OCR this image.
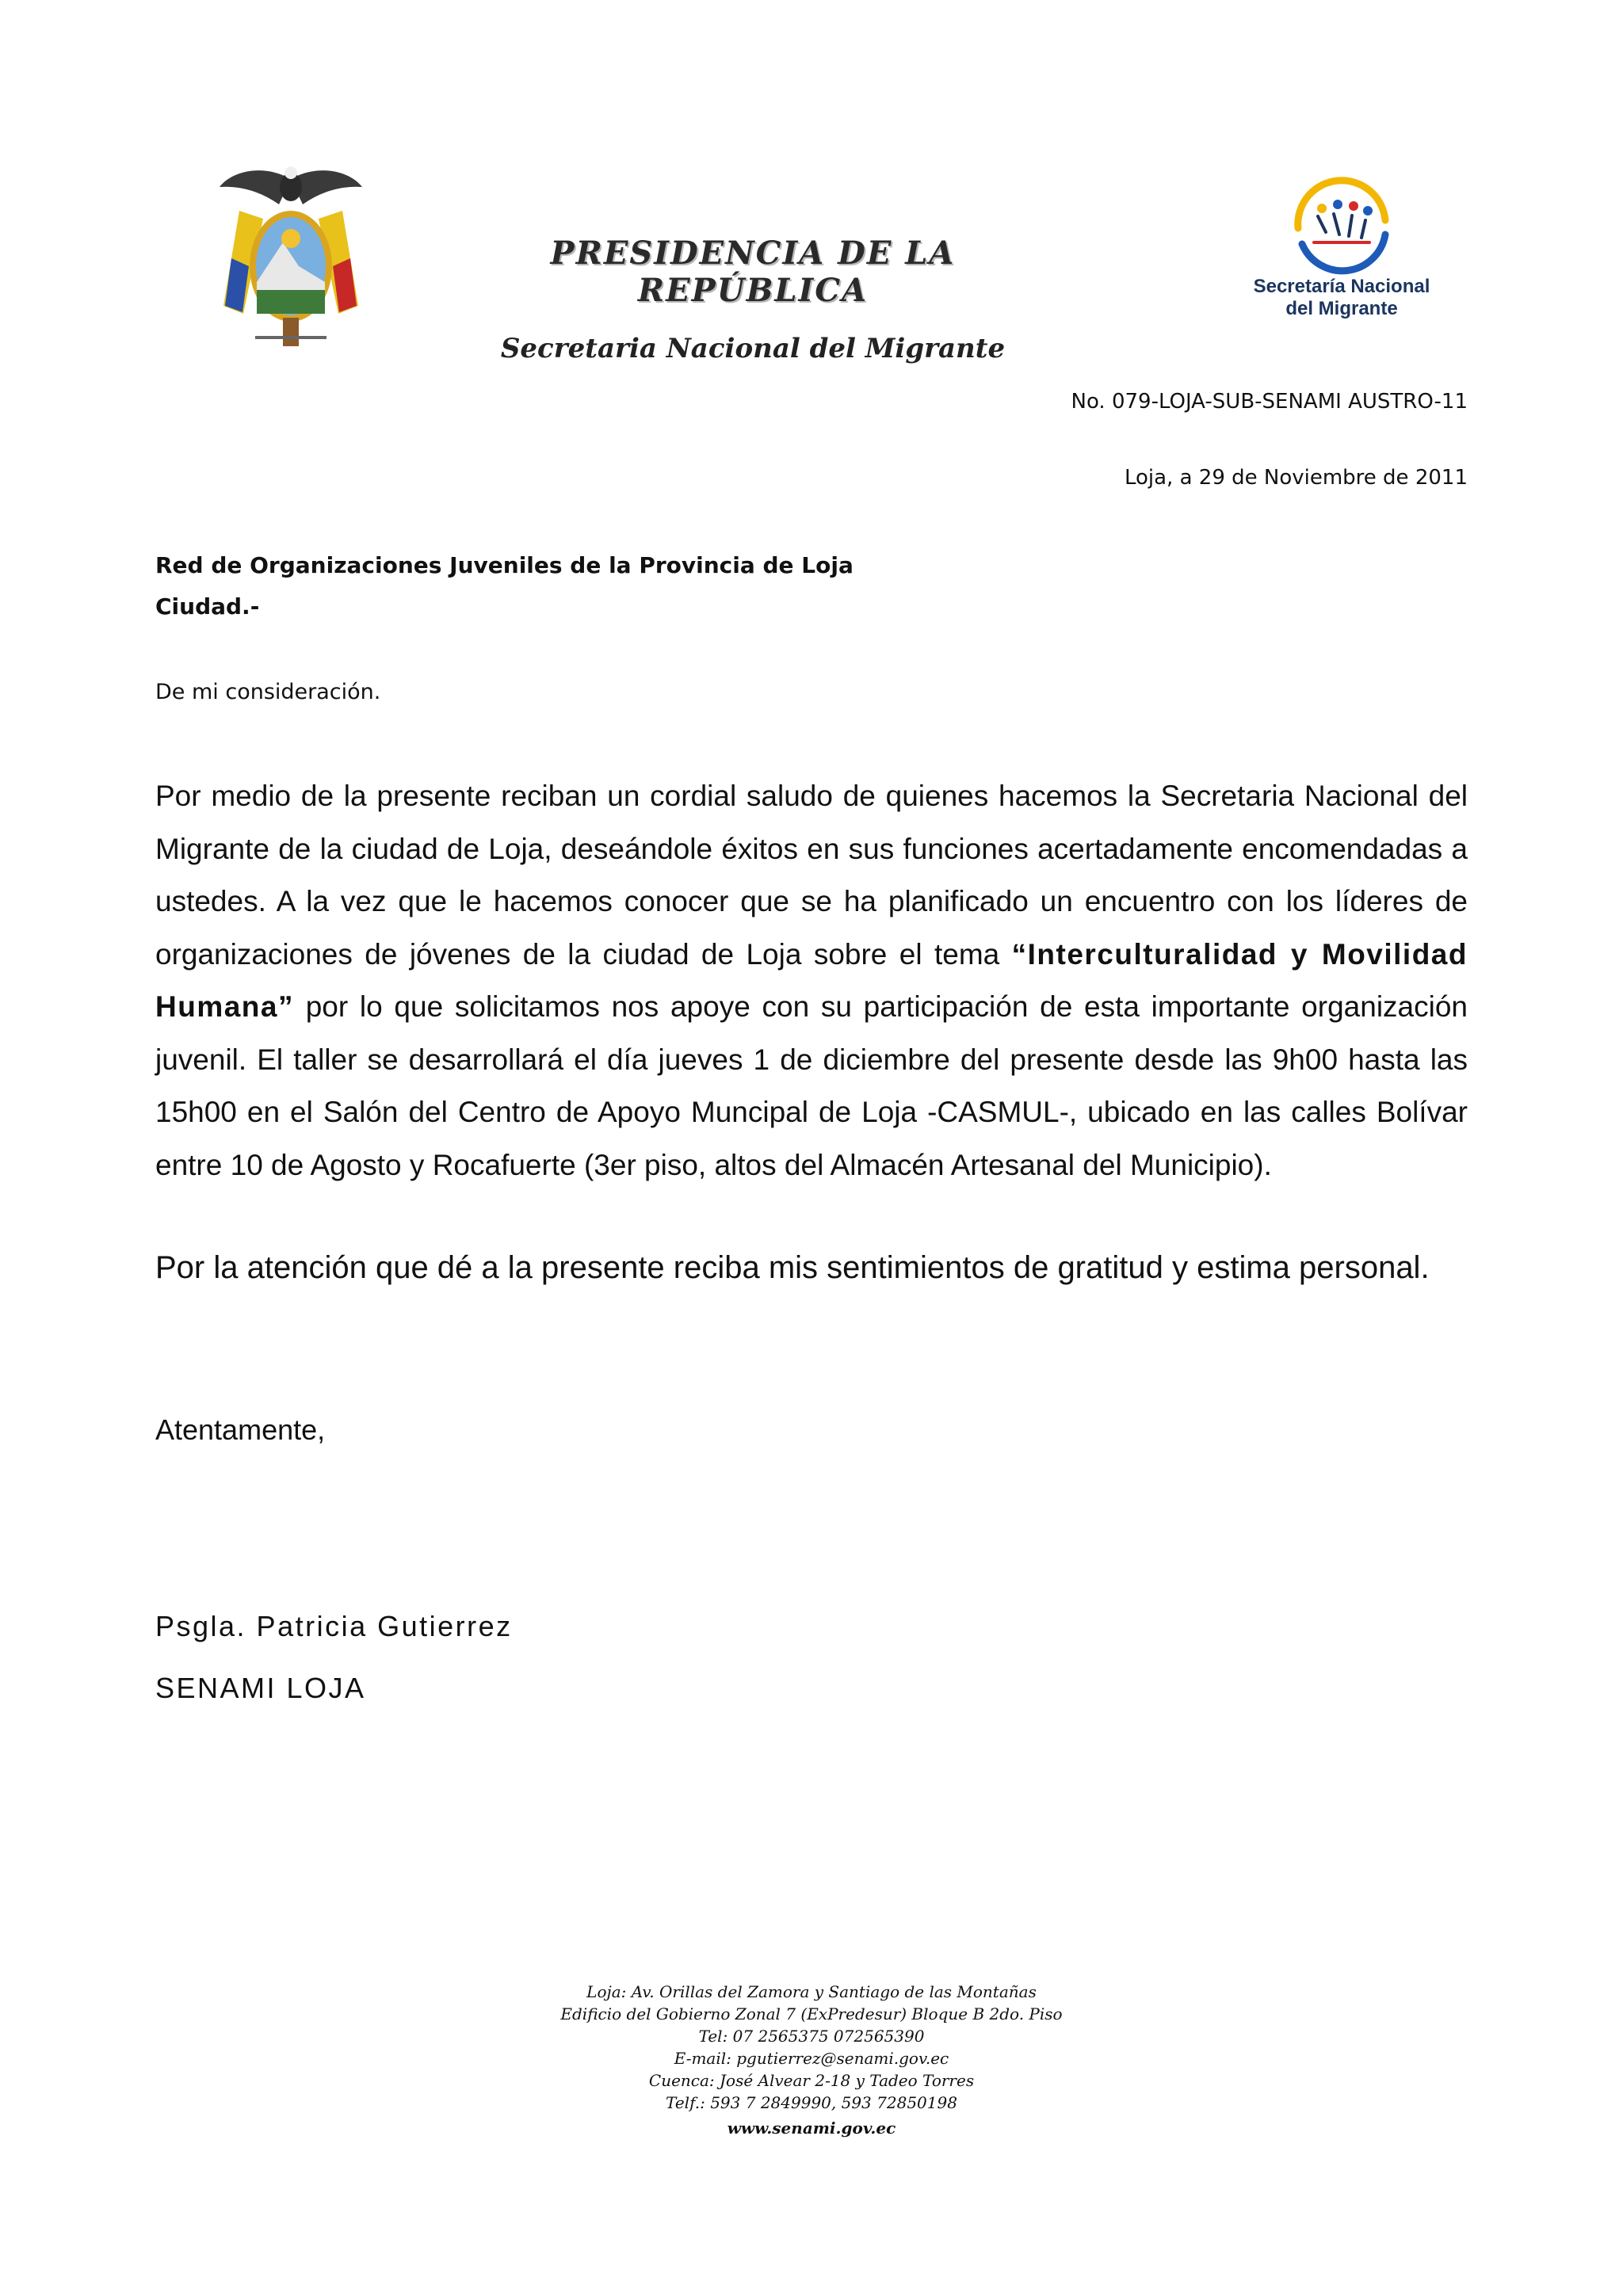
PRESIDENCIA DE LA REPÚBLICA
Secretaria Nacional del Migrante
Secretaría Nacional
del Migrante
No. 079-LOJA-SUB-SENAMI AUSTRO-11
Loja, a 29 de Noviembre de 2011
Red de Organizaciones Juveniles de la Provincia de Loja
Ciudad.-
De mi consideración.
Por medio de la presente reciban un cordial saludo de quienes hacemos la Secretaria Nacional del Migrante de la ciudad de Loja, deseándole éxitos en sus funciones acertadamente encomendadas a ustedes. A la vez que le hacemos conocer que se ha planificado un encuentro con los líderes de organizaciones de jóvenes de la ciudad de Loja sobre el tema “Interculturalidad y Movilidad Humana” por lo que solicitamos nos apoye con su participación de esta importante organización juvenil. El taller se desarrollará el día jueves 1 de diciembre del presente desde las 9h00 hasta las 15h00 en el Salón del Centro de Apoyo Muncipal de Loja -CASMUL-, ubicado en las calles Bolívar entre 10 de Agosto y Rocafuerte (3er piso, altos del Almacén Artesanal del Municipio).
Por la atención que dé a la presente reciba mis sentimientos de gratitud y estima personal.
Atentamente,
Psgla. Patricia Gutierrez
SENAMI LOJA
Loja: Av. Orillas del Zamora y Santiago de las Montañas
Edificio del Gobierno Zonal 7 (ExPredesur) Bloque B 2do. Piso
Tel: 07 2565375 072565390
E-mail: pgutierrez@senami.gov.ec
Cuenca: José Alvear 2-18 y Tadeo Torres
Telf.: 593 7 2849990, 593 72850198
www.senami.gov.ec
